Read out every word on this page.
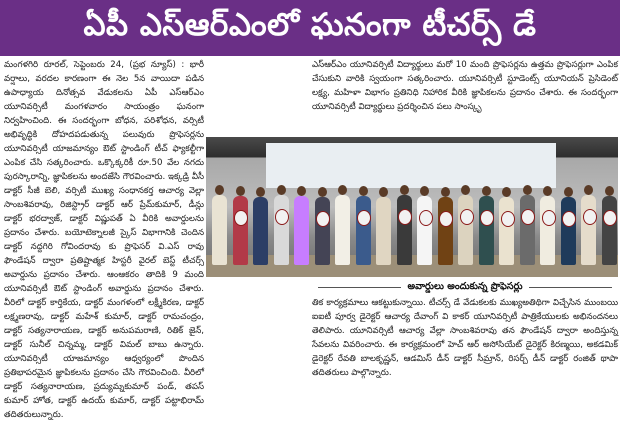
ఏపీ ఎస్ఆర్ఎంలో ఘనంగా టీచర్స్ డే

మంగళగిరి రూరల్, సెప్టెంబరు 24, (ప్రభ న్యూస్) : భారీ వర్షాలు, వరదల కారణంగా ఈ నెల 5న వాయిదా పడిన ఉపాధ్యాయ దినోత్సవ వేడుకలను ఏపీ ఎస్ఆర్ఎం యూనివర్సిటీ మంగళవారం సాయంత్రం ఘనంగా నిర్వహించింది. ఈ సందర్భంగా బోధన, పరిశోధన, వర్సిటీ అభివృద్ధికి దోహదపడుతున్న పలువురు ప్రొఫెసర్లను యూనివర్సిటీ యాజమాన్యం ఔట్ స్టాండింగ్ టీచ్ ఫ్యాకల్టీగా ఎంపిక చేసి సత్కరించారు. ఒక్కొక్కరికీ రూ.50 వేల నగదు పురస్కారాన్ని, జ్ఞాపికలను అందజేసి గౌరవించారు. ఇక్కడ్రి వీసీ డాక్టర్ సీజీ బెలి, వర్సిటీ ముఖ్య సంధానకర్త ఆచార్య వెల్లా సాంబశివరావు, రిజిస్ట్రార్ డాక్టర్ ఆర్ ప్రేమ్‌కుమార్, డీన్లు డాక్టర్ భరద్వాజ్, డాక్టర్ విష్ణుపత్ ఏ వీరికి అవార్డులను ప్రదానం చేశారు. బయోటెక్నాలజీ స్కైస్ విభాగానికి చెందిన డాక్టర్ నద్దగిరి గోవిందరావు కు ప్రొఫెసర్ వి.ఎస్ రావు ఫౌండేషన్ ద్వారా ప్రతిష్టాత్మక హిస్టరీ వైరల్ బెస్ట్ టీచర్స్ అవార్డును ప్రదానం చేశారు. ఆంఆకరం తాదికి 9 మంది యూనివర్సిటీ ఔట్ స్టాండింగ్ అవార్డును ప్రదానం చేశారు. వీరిలో డాక్టర్ కార్తికేయ, డాక్టర్ మంగళంలో లక్ష్మీకిరణ, డాక్టర్ లక్ష్మణరావు, డాక్టర్ మహేశ్ కుమార్, డాక్టర్ రామచంద్రం, డాక్టర్ సత్యనారాయణ, డాక్టర్ అనుపమరాణి, రితిక్ జైన్, డాక్టర్ సునీల్ చిన్నమ్మ, డాక్టర్ విమల్ బాబు ఉన్నారు. యూనివర్సిటీ యాజమాన్యం ఆధ్వర్యంలో పొందిన ప్రతిభాపరమైన జ్ఞాపికలను ప్రదానం చేసి గౌరవించింది. వీరిలో డాక్టర్ సత్యనారాయణ, ప్రద్యుమ్నకుమార్ పండ్, తపస్ కుమార్ హోత, డాక్టర్ ఉదయ్ కుమార్, డాక్టర్ పట్టాభిరామ్ తదితరులున్నారు.

ఎస్ఆర్ఎం యూనివర్సిటీ విద్యార్థులు మరో 10 మంది ప్రొఫెసర్లను ఉత్తమ ప్రొఫెసర్లుగా ఎంపిక చేసుకుని వారికి స్వయంగా సత్కరించారు. యూనివర్సిటీ స్టూడెంట్స్ యూనియన్ ప్రెసిడెంట్ లక్ష్య, మహిళా విభాగం ప్రతినిధి నిహారిక వీరికి జ్ఞాపికలను ప్రదానం చేశారు. ఈ సందర్భంగా యూనివర్సిటీ విద్యార్థులు ప్రదర్శించిన పలు సాంస్కృ

అవార్డులు అందుకున్న ప్రొఫెసర్లు

తిక కార్యక్రమాలు ఆకట్టుకున్నాయి. టీచర్స్ డే వేడుకలకు ముఖ్యఅతిథిగా విచ్చేసిన ముంబయి ఐఐటీ పూర్వ డైరెక్టర్ ఆచార్య దేవాంగ్ వి కాకర్ యూనివర్సిటీ పాత్రికేయులకు అభినందనలు తెలిపారు. యూనివర్సిటీ ఆచార్య వేల్లా సాంబశివరావు తన ఫౌండేషన్ ద్వారా అందిస్తున్న సేవలను వివరించారు. ఈ కార్యక్రమంలో హెచ్ ఆర్ అసోసియేట్ డైరెక్టర్ కిరణ్మయి, అకడమిక్ డైరెక్టర్ రేవతి బాలకృష్ణన్, ఆడమిస్ డీన్ డాక్టర్ సీమ్రాన్, రిసర్చ్ డీన్ డాక్టర్ రంజిత్ థాపా తదితరులు పాల్గొన్నారు.
